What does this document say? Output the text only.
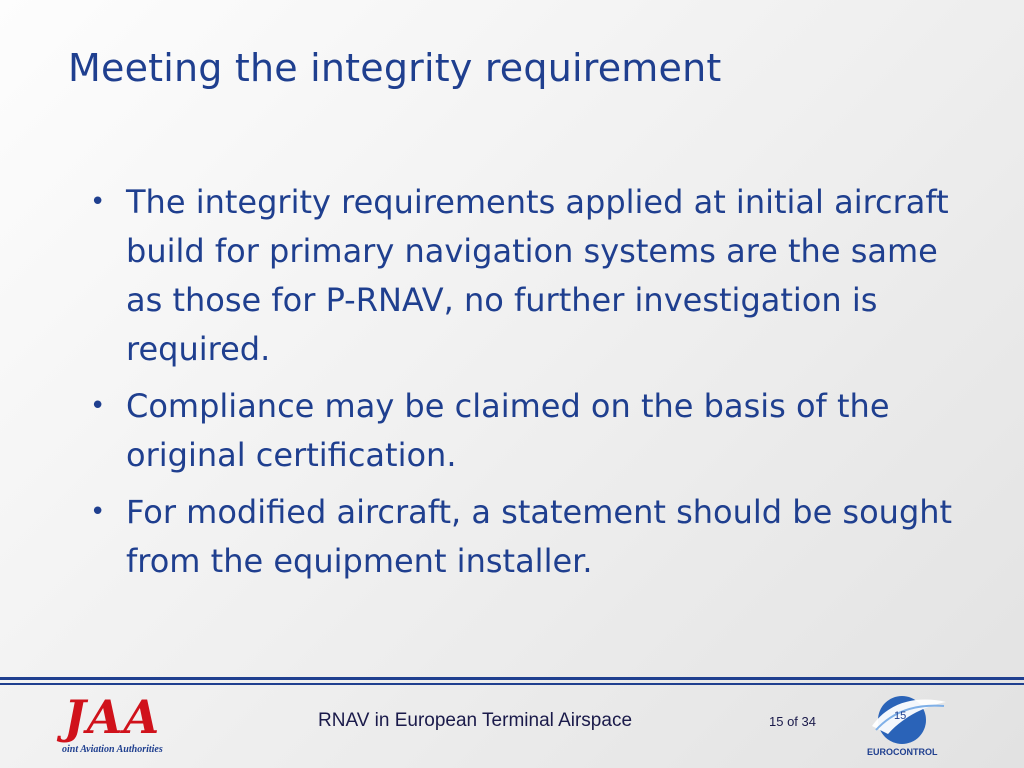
Meeting the integrity requirement
• The integrity requirements applied at initial aircraft build for primary navigation systems are the same as those for P-RNAV, no further investigation is required.
• Compliance may be claimed on the basis of the original certification.
• For modified aircraft, a statement should be sought from the equipment installer.
JAA
oint Aviation Authorities
RNAV in European Terminal Airspace	15 of 34	15
EUROCONTROL
